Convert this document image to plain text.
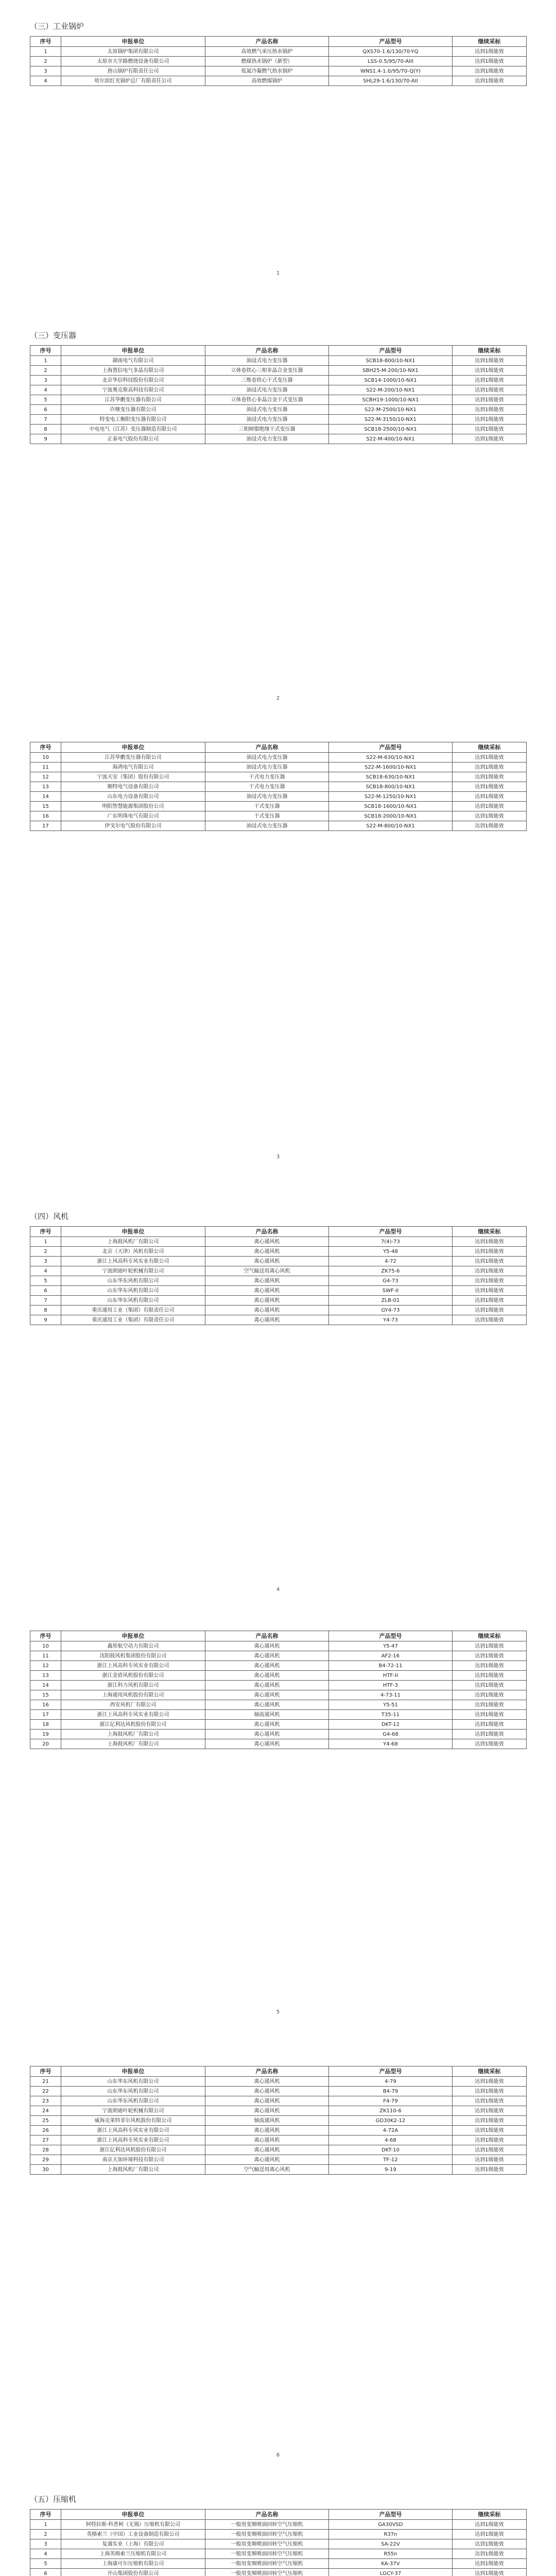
（三）工业锅炉
序号	申报单位	产品名称	产品型号	继续采标
1	太原锅炉集团有限公司	高效燃气承压热水锅炉	QXS70-1.6/130/70-YQ	达到1级能效
2	太原市大学路燃烧设备有限公司	燃煤热水锅炉（新型）	LSS-0.5/95/70-AIII	达到1级能效
3	唐山锅炉有限责任公司	低氮冷凝燃气热水锅炉	WNS1.4-1.0/95/70-Q(Y)	达到1级能效
4	哈尔滨红光锅炉总厂有限责任公司	高效燃煤锅炉	SHL29-1.6/130/70-AII	达到1级能效
1
（三）变压器
序号	申报单位	产品名称	产品型号	继续采标
1	湖南电气有限公司	油浸式电力变压器	SCB18-800/10-NX1	达到1级能效
2	上海置信电气非晶有限公司	立体卷铁心三相非晶合金变压器	SBH25-M-200/10-NX1	达到1级能效
3	北京华信科技股份有限公司	三维卷铁心干式变压器	SCB14-1000/10-NX1	达到1级能效
4	宁波奥克斯高科技有限公司	油浸式电力变压器	S22-M-200/10-NX1	达到1级能效
5	江苏华鹏变压器有限公司	立体卷铁心非晶合金干式变压器	SCBH19-1000/10-NX1	达到1级能效
6	许继变压器有限公司	油浸式电力变压器	S22-M-2500/10-NX1	达到1级能效
7	特变电工衡阳变压器有限公司	油浸式电力变压器	S22-M-3150/10-NX1	达到1级能效
8	中电电气（江苏）变压器制造有限公司	三相树脂绝缘干式变压器	SCB18-2500/10-NX1	达到1级能效
9	正泰电气股份有限公司	油浸式电力变压器	S22-M-400/10-NX1	达到1级能效
序号	申报单位	产品名称	产品型号	继续采标
10	江苏华鹏变压器有限公司	油浸式电力变压器	S22-M-630/10-NX1	达到1级能效
11	海鸿电气有限公司	油浸式电力变压器	S22-M-1600/10-NX1	达到1级能效
12	宁波天安（集团）股份有限公司	干式电力变压器	SCB18-630/10-NX1	达到1级能效
13	顺特电气设备有限公司	干式电力变压器	SCB18-800/10-NX1	达到1级能效
14	山东电力设备有限公司	油浸式电力变压器	S22-M-1250/10-NX1	达到1级能效
15	明阳智慧能源集团股份公司	干式变压器	SCB18-1600/10-NX1	达到1级能效
16	广东明珠电气有限公司	干式变压器	SCB18-2000/10-NX1	达到1级能效
17	伊戈尔电气股份有限公司	油浸式电力变压器	S22-M-800/10-NX1	达到1级能效
2
（四）风机
序号	申报单位	产品名称	产品型号	继续采标
1	上海鼓风机厂有限公司	离心通风机	7(4)-73	达到1级能效
2	北京（天津）风机有限公司	离心通风机	Y5-48	达到1级能效
3	浙江上风高科专风实业有限公司	离心通风机	4-72	达到1级能效
4	宁波朗迪叶轮机械有限公司	空气输送用离心风机	ZK75-6	达到1级能效
5	山东华东风机有限公司	离心通风机	G4-73	达到1级能效
6	山东华东风机有限公司	离心通风机	SWF-II	达到1级能效
7	山东华东风机有限公司	离心通风机	ZLB-01	达到1级能效
8	重庆通用工业（集团）有限责任公司	离心通风机	GY4-73	达到1级能效
9	重庆通用工业（集团）有限责任公司	离心通风机	Y4-73	达到1级能效
3
序号	申报单位	产品名称	产品型号	继续采标
10	鑫彤航空动力有限公司	离心通风机	Y5-47	达到1级能效
11	沈阳鼓风机集团股份有限公司	离心通风机	AF2-16	达到1级能效
12	浙江上风高科专风实业有限公司	离心通风机	B4-72-11	达到1级能效
13	浙江金盾风机股份有限公司	离心通风机	HTF-II	达到1级能效
14	浙江科力风机有限公司	离心通风机	HTF-3	达到1级能效
15	上海通用风机股份有限公司	离心通风机	4-73-11	达到1级能效
16	西安风机厂有限公司	离心通风机	Y5-51	达到1级能效
17	浙江上风高科专风实业有限公司	轴流通风机	T35-11	达到1级能效
18	浙江亿利达风机股份有限公司	离心通风机	DKT-12	达到1级能效
19	上海鼓风机厂有限公司	离心通风机	G4-68	达到1级能效
20	上海鼓风机厂有限公司	离心通风机	Y4-68	达到1级能效
4
序号	申报单位	产品名称	产品型号	继续采标
21	山东华东风机有限公司	离心通风机	4-79	达到1级能效
22	山东华东风机有限公司	离心通风机	B4-79	达到1级能效
23	山东华东风机有限公司	离心通风机	F4-79	达到1级能效
24	宁波朗迪叶轮机械有限公司	离心通风机	ZK110-6	达到1级能效
25	威海克莱特菲尔风机股份有限公司	轴流通风机	GD30K2-12	达到1级能效
26	浙江上风高科专风实业有限公司	离心通风机	4-72A	达到1级能效
27	浙江上风高科专风实业有限公司	离心通风机	4-68	达到1级能效
28	浙江亿利达风机股份有限公司	离心通风机	DKT-10	达到1级能效
29	南京天加环境科技有限公司	离心通风机	TF-12	达到1级能效
30	上海鼓风机厂有限公司	空气输送用离心风机	9-19	达到1级能效
5
（五）压缩机
序号	申报单位	产品名称	产品型号	继续采标
1	阿特拉斯·科普柯（无锡）压缩机有限公司	一般用变频喷油回转空气压缩机	GA30VSD	达到1级能效
2	英格索兰（中国）工业设备制造有限公司	一般用变频喷油回转空气压缩机	R37n	达到1级能效
3	复盛实业（上海）有限公司	一般用变频喷油回转空气压缩机	SA-22V	达到1级能效
4	上海英格索兰压缩机有限公司	一般用变频喷油回转空气压缩机	R55n	达到1级能效
5	上海康可尔压缩机有限公司	一般用变频喷油回转空气压缩机	KA-37V	达到1级能效
6	开山集团股份有限公司	一般用变频喷油回转空气压缩机	LGCY-37	达到1级能效

6
